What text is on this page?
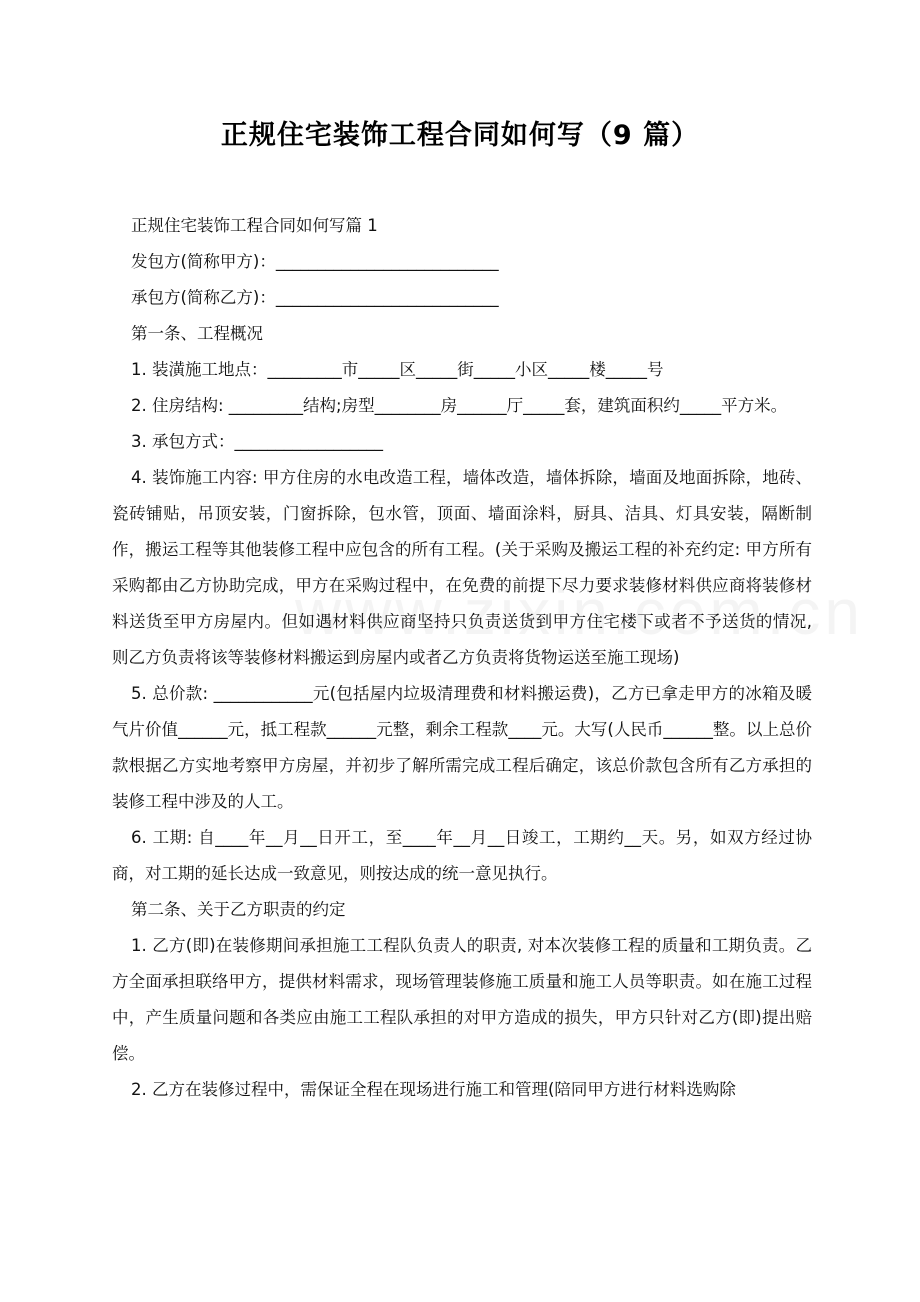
正规住宅装饰工程合同如何写（9 篇）

正规住宅装饰工程合同如何写篇 1

发包方(简称甲方)：___________________________

承包方(简称乙方)：___________________________

第一条、工程概况

1. 装潢施工地点：_________市_____区_____街_____小区_____楼_____号

2. 住房结构: _________结构;房型________房______厅_____套，建筑面积约_____平方米。

3. 承包方式：__________________

4. 装饰施工内容: 甲方住房的水电改造工程，墙体改造，墙体拆除，墙面及地面拆除，地砖、瓷砖铺贴，吊顶安装，门窗拆除，包水管，顶面、墙面涂料，厨具、洁具、灯具安装，隔断制作，搬运工程等其他装修工程中应包含的所有工程。(关于采购及搬运工程的补充约定: 甲方所有采购都由乙方协助完成，甲方在采购过程中，在免费的前提下尽力要求装修材料供应商将装修材料送货至甲方房屋内。但如遇材料供应商坚持只负责送货到甲方住宅楼下或者不予送货的情况, 则乙方负责将该等装修材料搬运到房屋内或者乙方负责将货物运送至施工现场)

5. 总价款: ____________元(包括屋内垃圾清理费和材料搬运费)，乙方已拿走甲方的冰箱及暖气片价值______元，抵工程款______元整，剩余工程款____元。大写(人民币______整。以上总价款根据乙方实地考察甲方房屋，并初步了解所需完成工程后确定，该总价款包含所有乙方承担的装修工程中涉及的人工。

6. 工期: 自____年__月__日开工，至____年__月__日竣工，工期约__天。另，如双方经过协商，对工期的延长达成一致意见，则按达成的统一意见执行。

第二条、关于乙方职责的约定

1. 乙方(即)在装修期间承担施工工程队负责人的职责, 对本次装修工程的质量和工期负责。乙方全面承担联络甲方，提供材料需求，现场管理装修施工质量和施工人员等职责。如在施工过程中，产生质量问题和各类应由施工工程队承担的对甲方造成的损失，甲方只针对乙方(即)提出赔偿。

2. 乙方在装修过程中，需保证全程在现场进行施工和管理(陪同甲方进行材料选购除
